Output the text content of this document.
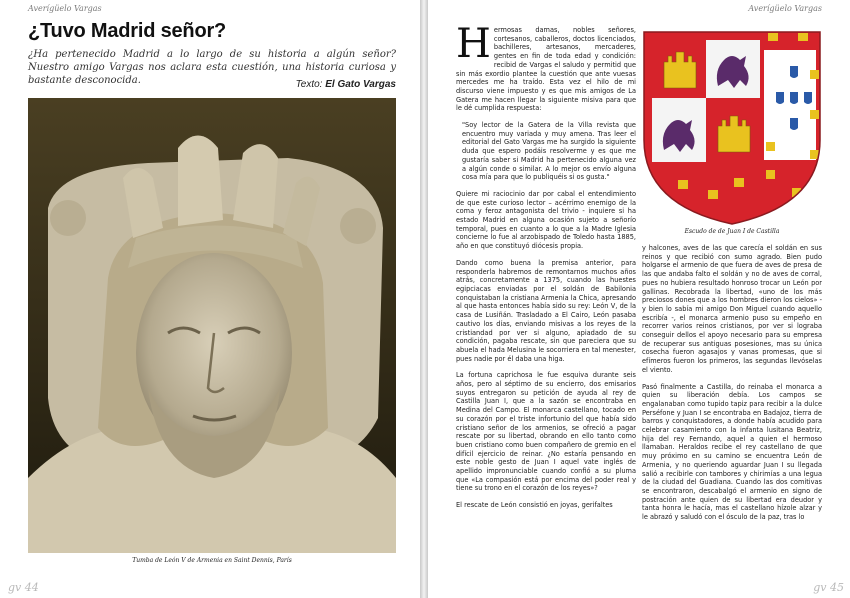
Averígüelo Vargas
¿Tuvo Madrid señor?

¿Ha pertenecido Madrid a lo largo de su historia a algún señor? Nuestro amigo Vargas nos aclara esta cuestión, una historia curiosa y bastante desconocida.	Texto: El Gato Vargas
Tumba de León V de Armenia en Saint Dennis, París
gv 44
Averígüelo Vargas

Hermosas damas, nobles señores, cortesanos, caballeros, doctos licenciados, bachilleres, artesanos, mercaderes, gentes en fin de toda edad y condición: recibid de Vargas el saludo y permitid que sin más exordio plantee la cuestión que ante vuesas mercedes me ha traído. Esta vez el hilo de mi discurso viene impuesto y es que mis amigos de La Gatera me hacen llegar la siguiente misiva para que le dé cumplida respuesta:

"Soy lector de la Gatera de la Villa revista que encuentro muy variada y muy amena. Tras leer el editorial del Gato Vargas me ha surgido la siguiente duda que espero podáis resolverme y es que me gustaría saber si Madrid ha pertenecido alguna vez a algún conde o similar. A lo mejor os envío alguna cosa mía para que lo publiquéis si os gusta."

Quiere mi raciocinio dar por cabal el entendimiento de que este curioso lector – acérrimo enemigo de la coma y feroz antagonista del trivio - inquiere si ha estado Madrid en alguna ocasión sujeto a señorío temporal, pues en cuanto a lo que a la Madre Iglesia concierne lo fue al arzobispado de Toledo hasta 1885, año en que constituyó diócesis propia.

Dando como buena la premisa anterior, para responderla habremos de remontarnos muchos años atrás, concretamente a 1375, cuando las huestes egipciacas enviadas por el soldán de Babilonia conquistaban la cristiana Armenia la Chica, apresando al que hasta entonces había sido su rey: León V, de la casa de Lusiñán. Trasladado a El Cairo, León pasaba cautivo los días, enviando misivas a los reyes de la cristiandad por ver si alguno, apiadado de su condición, pagaba rescate, sin que pareciera que su abuela el hada Melusina le socorriera en tal menester, pues nadie por él daba una higa.

La fortuna caprichosa le fue esquiva durante seis años, pero al séptimo de su encierro, dos emisarios suyos entregaron su petición de ayuda al rey de Castilla Juan I, que a la sazón se encontraba en Medina del Campo. El monarca castellano, tocado en su corazón por el triste infortunio del que había sido cristiano señor de los armenios, se ofreció a pagar rescate por su libertad, obrando en ello tanto como buen cristiano como buen compañero de gremio en el difícil ejercicio de reinar. ¿No estaría pensando en este noble gesto de Juan I aquel vate inglés de apellido impronunciable cuando confió a su pluma que «La compasión está por encima del poder real y tiene su trono en el corazón de los reyes»?

El rescate de León consistió en joyas, gerifaltes

Escudo de de Juan I de Castilla

y halcones, aves de las que carecía el soldán en sus reinos y que recibió con sumo agrado. Bien pudo holgarse el armenio de que fuera de aves de presa de las que andaba falto el soldán y no de aves de corral, pues no hubiera resultado honroso trocar un León por gallinas. Recobrada la libertad, «uno de los más preciosos dones que a los hombres dieron los cielos» - y bien lo sabía mi amigo Don Miguel cuando aquello escribía -, el monarca armenio puso su empeño en recorrer varios reinos cristianos, por ver si lograba conseguir dellos el apoyo necesario para su empresa de recuperar sus antiguas posesiones, mas su única cosecha fueron agasajos y vanas promesas, que si efímeros fueron los primeros, las segundas llevóselas el viento.

Pasó finalmente a Castilla, do reinaba el monarca a quien su liberación debía. Los campos se engalanaban como tupido tapiz para recibir a la dulce Perséfone y Juan I se encontraba en Badajoz, tierra de barros y conquistadores, a donde había acudido para celebrar casamiento con la infanta lusitana Beatriz, hija del rey Fernando, aquel a quien el hermoso llamaban. Heraldos recibe el rey castellano de que muy próximo en su camino se encuentra León de Armenia, y no queriendo aguardar Juan I su llegada salió a recibirle con tambores y chirimías a una legua de la ciudad del Guadiana. Cuando las dos comitivas se encontraron, descabalgó el armenio en signo de postración ante quien de su libertad era deudor y tanta honra le hacía, mas el castellano hízole alzar y le abrazó y saludó con el ósculo de la paz, tras lo

gv 45
